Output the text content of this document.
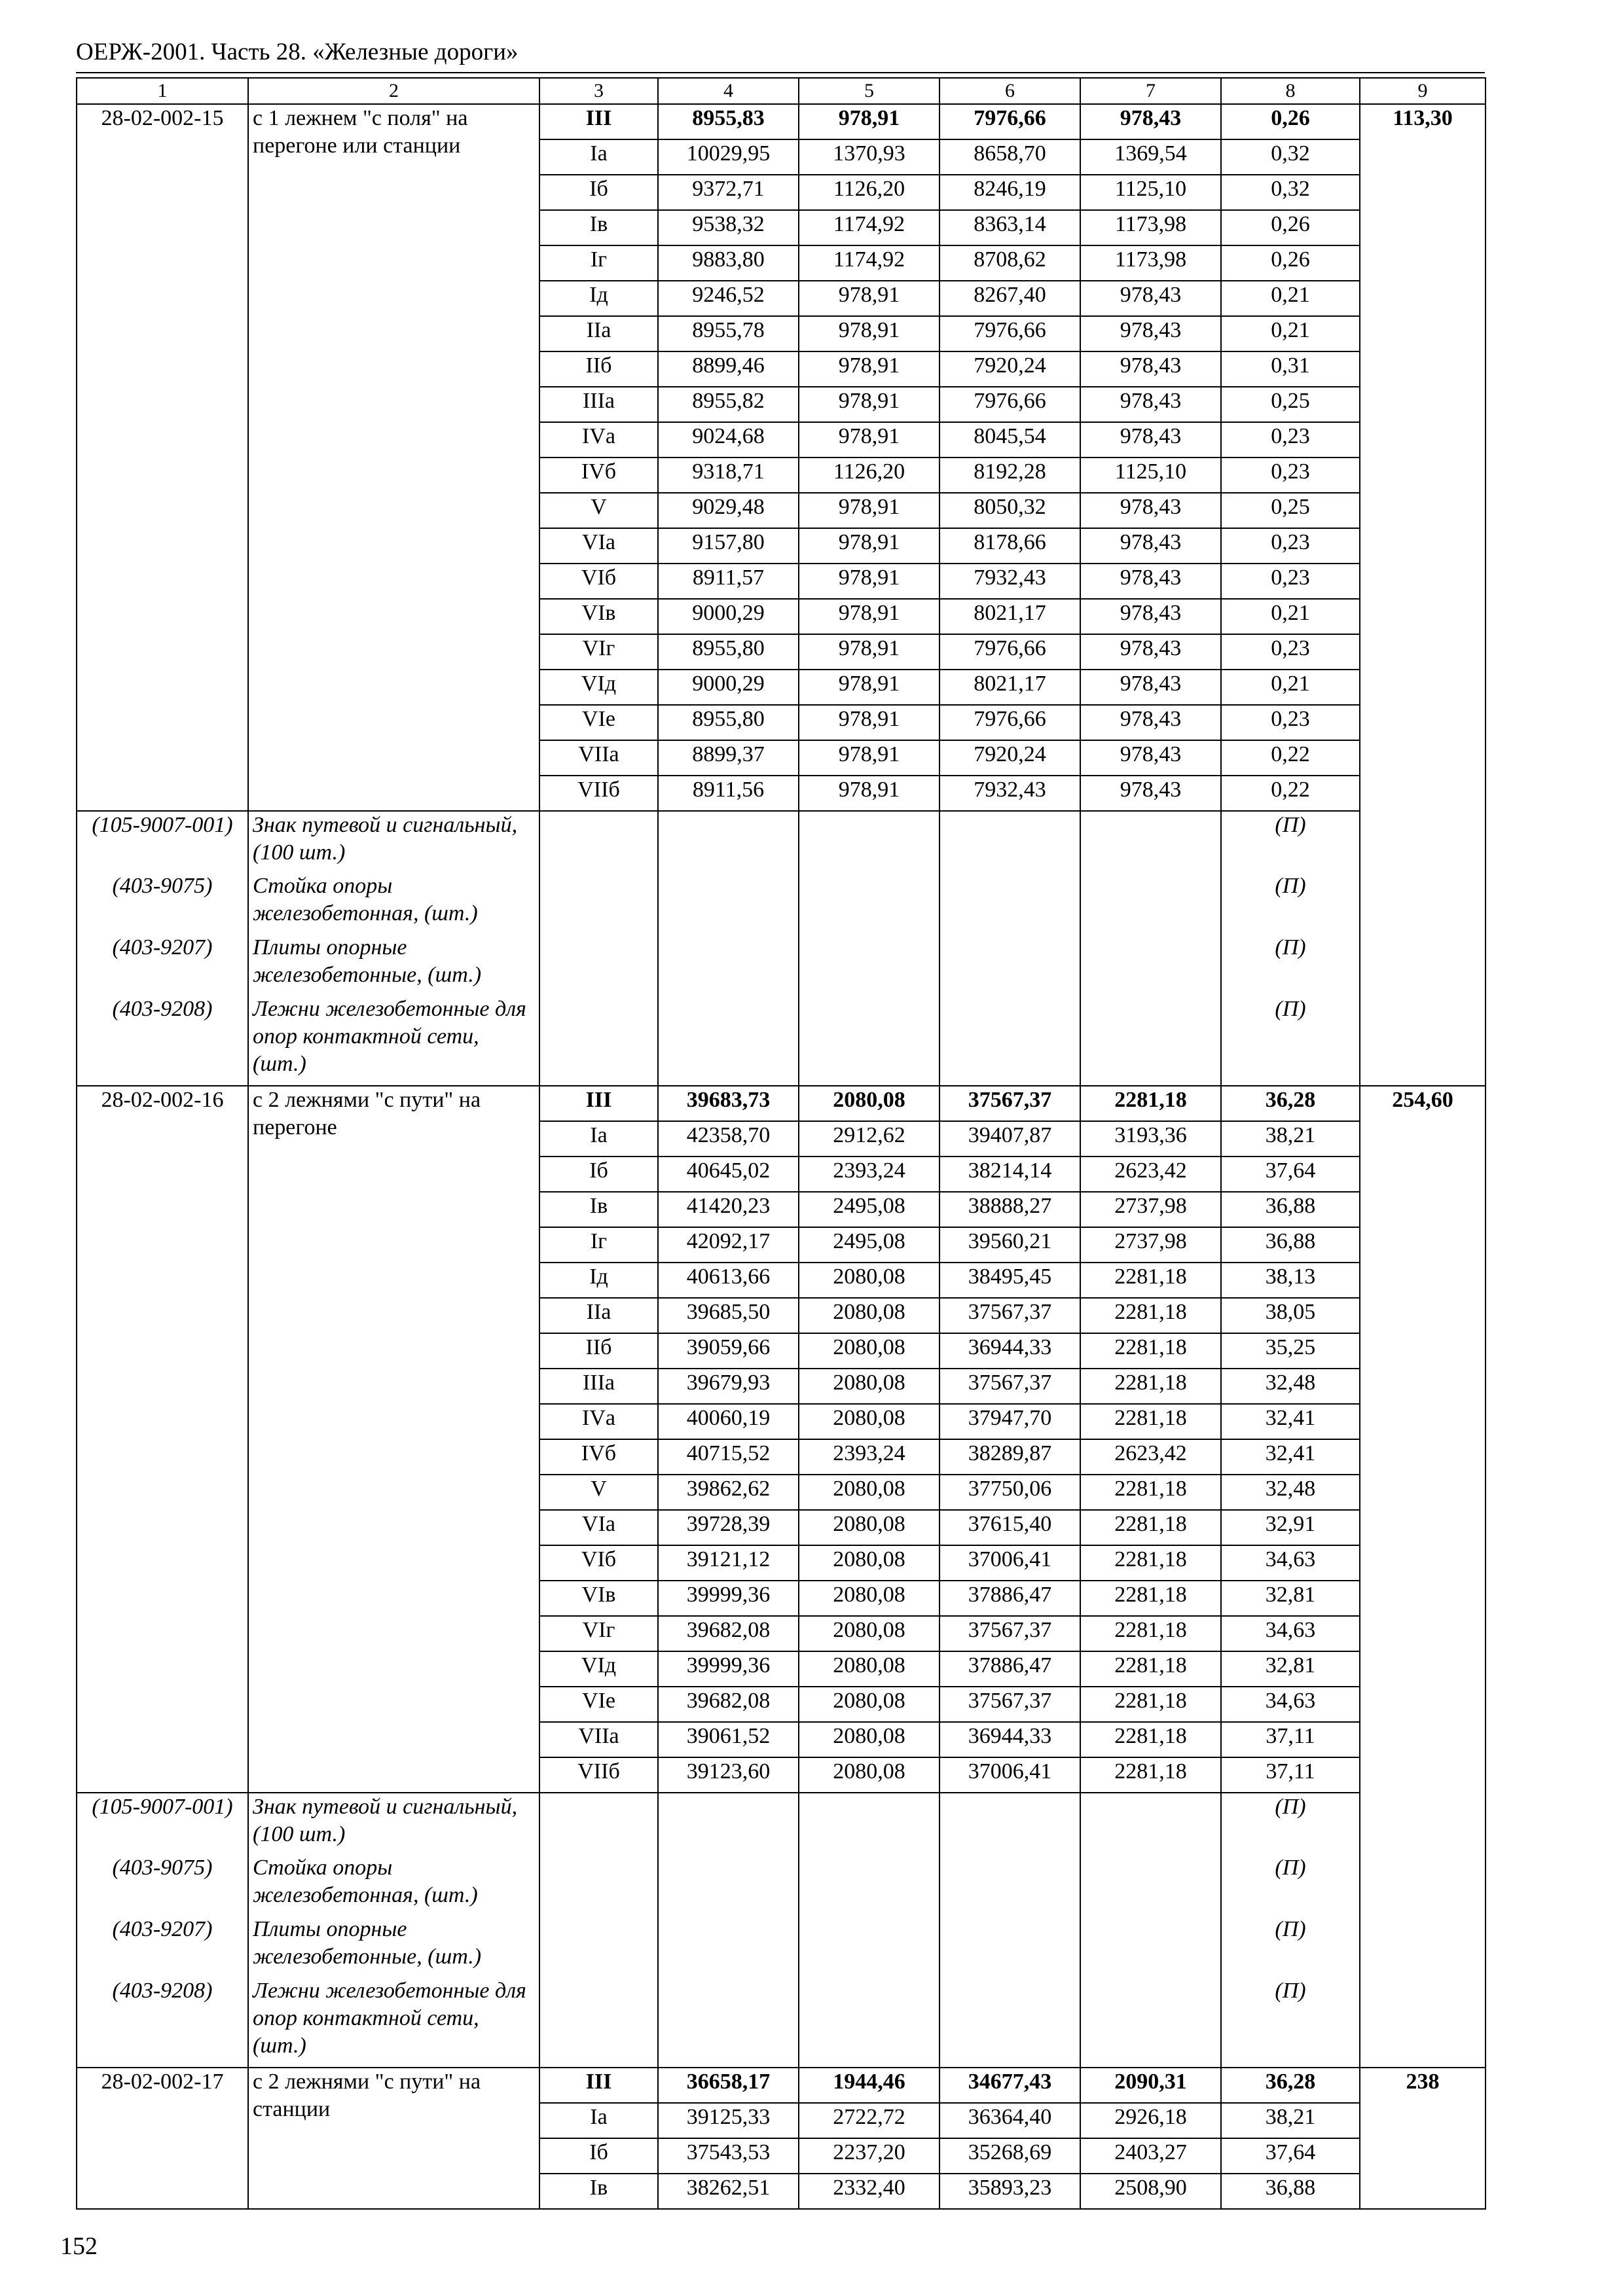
ОЕРЖ-2001. Часть 28. «Железные дороги»
1	2	3	4	5	6	7	8	9
28-02-002-15	с 1 лежнем "с поля" на перегоне или станции	III	8955,83	978,91	7976,66	978,43	0,26	113,30
		Iа	10029,95	1370,93	8658,70	1369,54	0,32	
		Iб	9372,71	1126,20	8246,19	1125,10	0,32	
		Iв	9538,32	1174,92	8363,14	1173,98	0,26	
		Iг	9883,80	1174,92	8708,62	1173,98	0,26	
		Iд	9246,52	978,91	8267,40	978,43	0,21	
		IIа	8955,78	978,91	7976,66	978,43	0,21	
		IIб	8899,46	978,91	7920,24	978,43	0,31	
		IIIа	8955,82	978,91	7976,66	978,43	0,25	
		IVа	9024,68	978,91	8045,54	978,43	0,23	
		IVб	9318,71	1126,20	8192,28	1125,10	0,23	
		V	9029,48	978,91	8050,32	978,43	0,25	
		VIа	9157,80	978,91	8178,66	978,43	0,23	
		VIб	8911,57	978,91	7932,43	978,43	0,23	
		VIв	9000,29	978,91	8021,17	978,43	0,21	
		VIг	8955,80	978,91	7976,66	978,43	0,23	
		VIд	9000,29	978,91	8021,17	978,43	0,21	
		VIе	8955,80	978,91	7976,66	978,43	0,23	
		VIIа	8899,37	978,91	7920,24	978,43	0,22	
		VIIб	8911,56	978,91	7932,43	978,43	0,22	
(105-9007-001)	Знак путевой и сигнальный, (100 шт.)						(П)	
(403-9075)	Стойка опоры железобетонная, (шт.)						(П)	
(403-9207)	Плиты опорные железобетонные, (шт.)						(П)	
(403-9208)	Лежни железобетонные для опор контактной сети, (шт.)						(П)	
28-02-002-16	с 2 лежнями "с пути" на перегоне	III	39683,73	2080,08	37567,37	2281,18	36,28	254,60
		Iа	42358,70	2912,62	39407,87	3193,36	38,21	
		Iб	40645,02	2393,24	38214,14	2623,42	37,64	
		Iв	41420,23	2495,08	38888,27	2737,98	36,88	
		Iг	42092,17	2495,08	39560,21	2737,98	36,88	
		Iд	40613,66	2080,08	38495,45	2281,18	38,13	
		IIа	39685,50	2080,08	37567,37	2281,18	38,05	
		IIб	39059,66	2080,08	36944,33	2281,18	35,25	
		IIIа	39679,93	2080,08	37567,37	2281,18	32,48	
		IVа	40060,19	2080,08	37947,70	2281,18	32,41	
		IVб	40715,52	2393,24	38289,87	2623,42	32,41	
		V	39862,62	2080,08	37750,06	2281,18	32,48	
		VIа	39728,39	2080,08	37615,40	2281,18	32,91	
		VIб	39121,12	2080,08	37006,41	2281,18	34,63	
		VIв	39999,36	2080,08	37886,47	2281,18	32,81	
		VIг	39682,08	2080,08	37567,37	2281,18	34,63	
		VIд	39999,36	2080,08	37886,47	2281,18	32,81	
		VIе	39682,08	2080,08	37567,37	2281,18	34,63	
		VIIа	39061,52	2080,08	36944,33	2281,18	37,11	
		VIIб	39123,60	2080,08	37006,41	2281,18	37,11	
(105-9007-001)	Знак путевой и сигнальный, (100 шт.)						(П)	
(403-9075)	Стойка опоры железобетонная, (шт.)						(П)	
(403-9207)	Плиты опорные железобетонные, (шт.)						(П)	
(403-9208)	Лежни железобетонные для опор контактной сети, (шт.)						(П)	
28-02-002-17	с 2 лежнями "с пути" на станции	III	36658,17	1944,46	34677,43	2090,31	36,28	238
		Iа	39125,33	2722,72	36364,40	2926,18	38,21	
		Iб	37543,53	2237,20	35268,69	2403,27	37,64	
		Iв	38262,51	2332,40	35893,23	2508,90	36,88	
152
